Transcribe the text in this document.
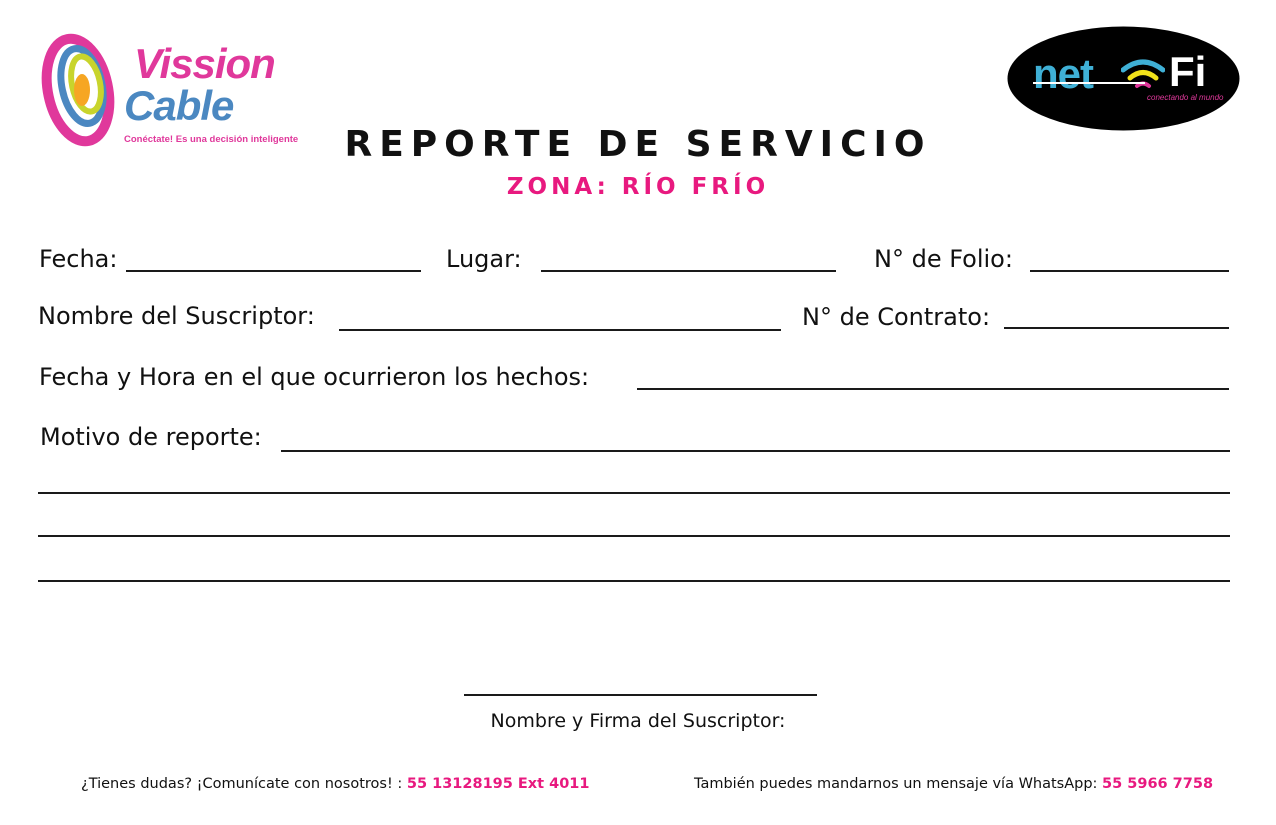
Vission
Cable
Conéctate! Es una decisión inteligente
net Fi
conectando al mundo
REPORTE DE SERVICIO
ZONA: RÍO FRÍO
Fecha:	Lugar:	N° de Folio:
Nombre del Suscriptor:	N° de Contrato:
Fecha y Hora en el que ocurrieron los hechos:
Motivo de reporte:
Nombre y Firma del Suscriptor:
¿Tienes dudas? ¡Comunícate con nosotros! : 55 13128195 Ext 4011	También puedes mandarnos un mensaje vía WhatsApp: 55 5966 7758
